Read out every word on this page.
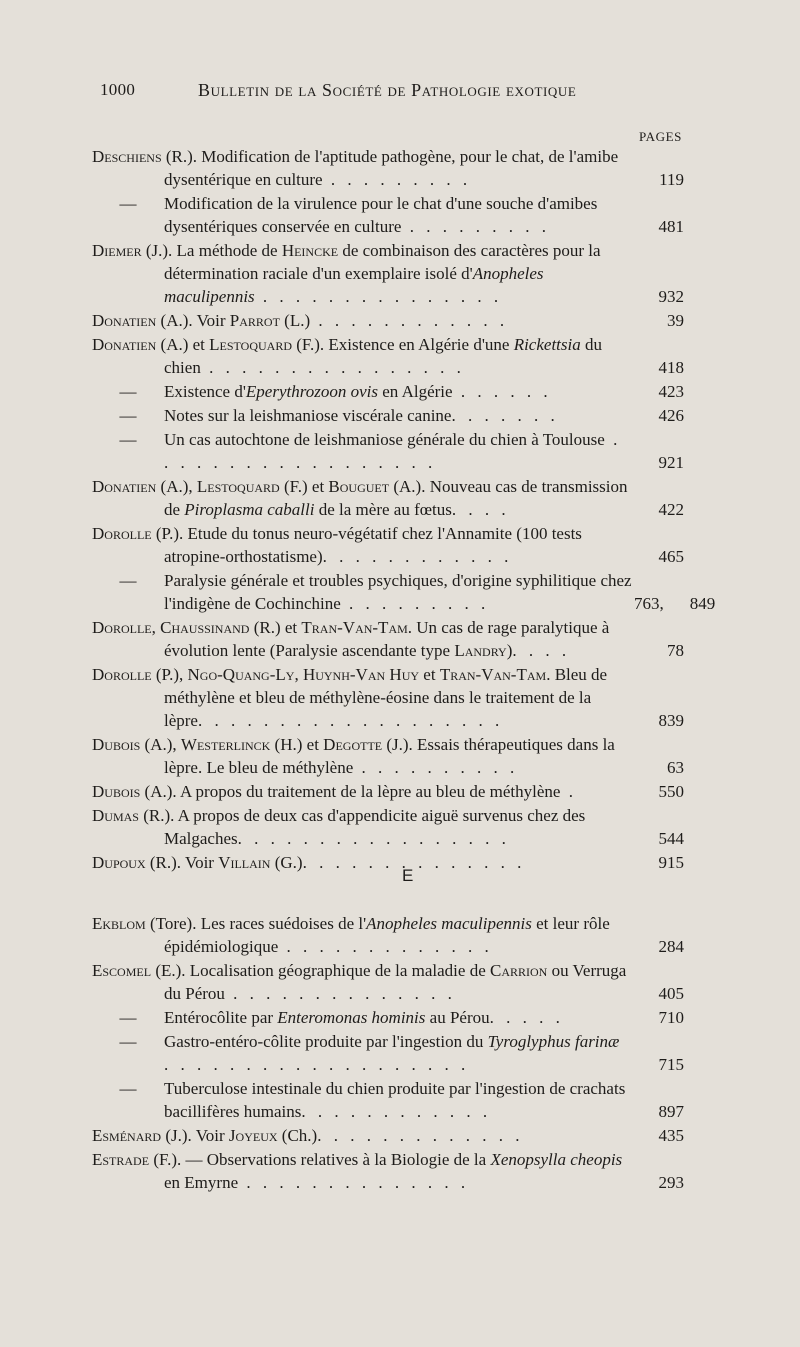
1000	Bulletin de la Société de Pathologie exotique
PAGES
Deschiens (R.). Modification de l'aptitude pathogène, pour le chat, de l'amibe dysentérique en culture . . . . . . . . .	119
— Modification de la virulence pour le chat d'une souche d'amibes dysentériques conservée en culture . . . . . . . . .	481
Diemer (J.). La méthode de Heincke de combinaison des caractères pour la détermination raciale d'un exemplaire isolé d'Anopheles maculipennis . . . . . . . . . . . . . . .	932
Donatien (A.). Voir Parrot (L.) . . . . . . . . . . . .	39
Donatien (A.) et Lestoquard (F.). Existence en Algérie d'une Rickettsia du chien . . . . . . . . . . . . . . . .	418
— Existence d'Eperythrozoon ovis en Algérie . . . . . .	423
— Notes sur la leishmaniose viscérale canine. . . . . . .	426
— Un cas autochtone de leishmaniose générale du chien à Toulouse . . . . . . . . . . . . . . . . . .	921
Donatien (A.), Lestoquard (F.) et Bouguet (A.). Nouveau cas de transmission de Piroplasma caballi de la mère au fœtus. . . .	422
Dorolle (P.). Etude du tonus neuro-végétatif chez l'Annamite (100 tests atropine-orthostatisme). . . . . . . . . . . .	465
— Paralysie générale et troubles psychiques, d'origine syphilitique chez l'indigène de Cochinchine . . . . . . . . .	763, 849
Dorolle, Chaussinand (R.) et Tran-Van-Tam. Un cas de rage paralytique à évolution lente (Paralysie ascendante type Landry). . . .	78
Dorolle (P.), Ngo-Quang-Ly, Huynh-Van Huy et Tran-Van-Tam. Bleu de méthylène et bleu de méthylène-éosine dans le traitement de la lèpre. . . . . . . . . . . . . . . . . . .	839
Dubois (A.), Westerlinck (H.) et Degotte (J.). Essais thérapeutiques dans la lèpre. Le bleu de méthylène . . . . . . . . . .	63
Dubois (A.). A propos du traitement de la lèpre au bleu de méthylène .	550
Dumas (R.). A propos de deux cas d'appendicite aiguë survenus chez des Malgaches. . . . . . . . . . . . . . . . .	544
Dupoux (R.). Voir Villain (G.). . . . . . . . . . . . . .	915
E
Ekblom (Tore). Les races suédoises de l'Anopheles maculipennis et leur rôle épidémiologique . . . . . . . . . . . . .	284
Escomel (E.). Localisation géographique de la maladie de Carrion ou Verruga du Pérou . . . . . . . . . . . . . .	405
— Entérocôlite par Enteromonas hominis au Pérou. . . . .	710
— Gastro-entéro-côlite produite par l'ingestion du Tyroglyphus farinæ . . . . . . . . . . . . . . . . . . .	715
— Tuberculose intestinale du chien produite par l'ingestion de crachats bacillifères humains. . . . . . . . . . . .	897
Esménard (J.). Voir Joyeux (Ch.). . . . . . . . . . . . .	435
Estrade (F.). — Observations relatives à la Biologie de la Xenopsylla cheopis en Emyrne . . . . . . . . . . . . . .	293
